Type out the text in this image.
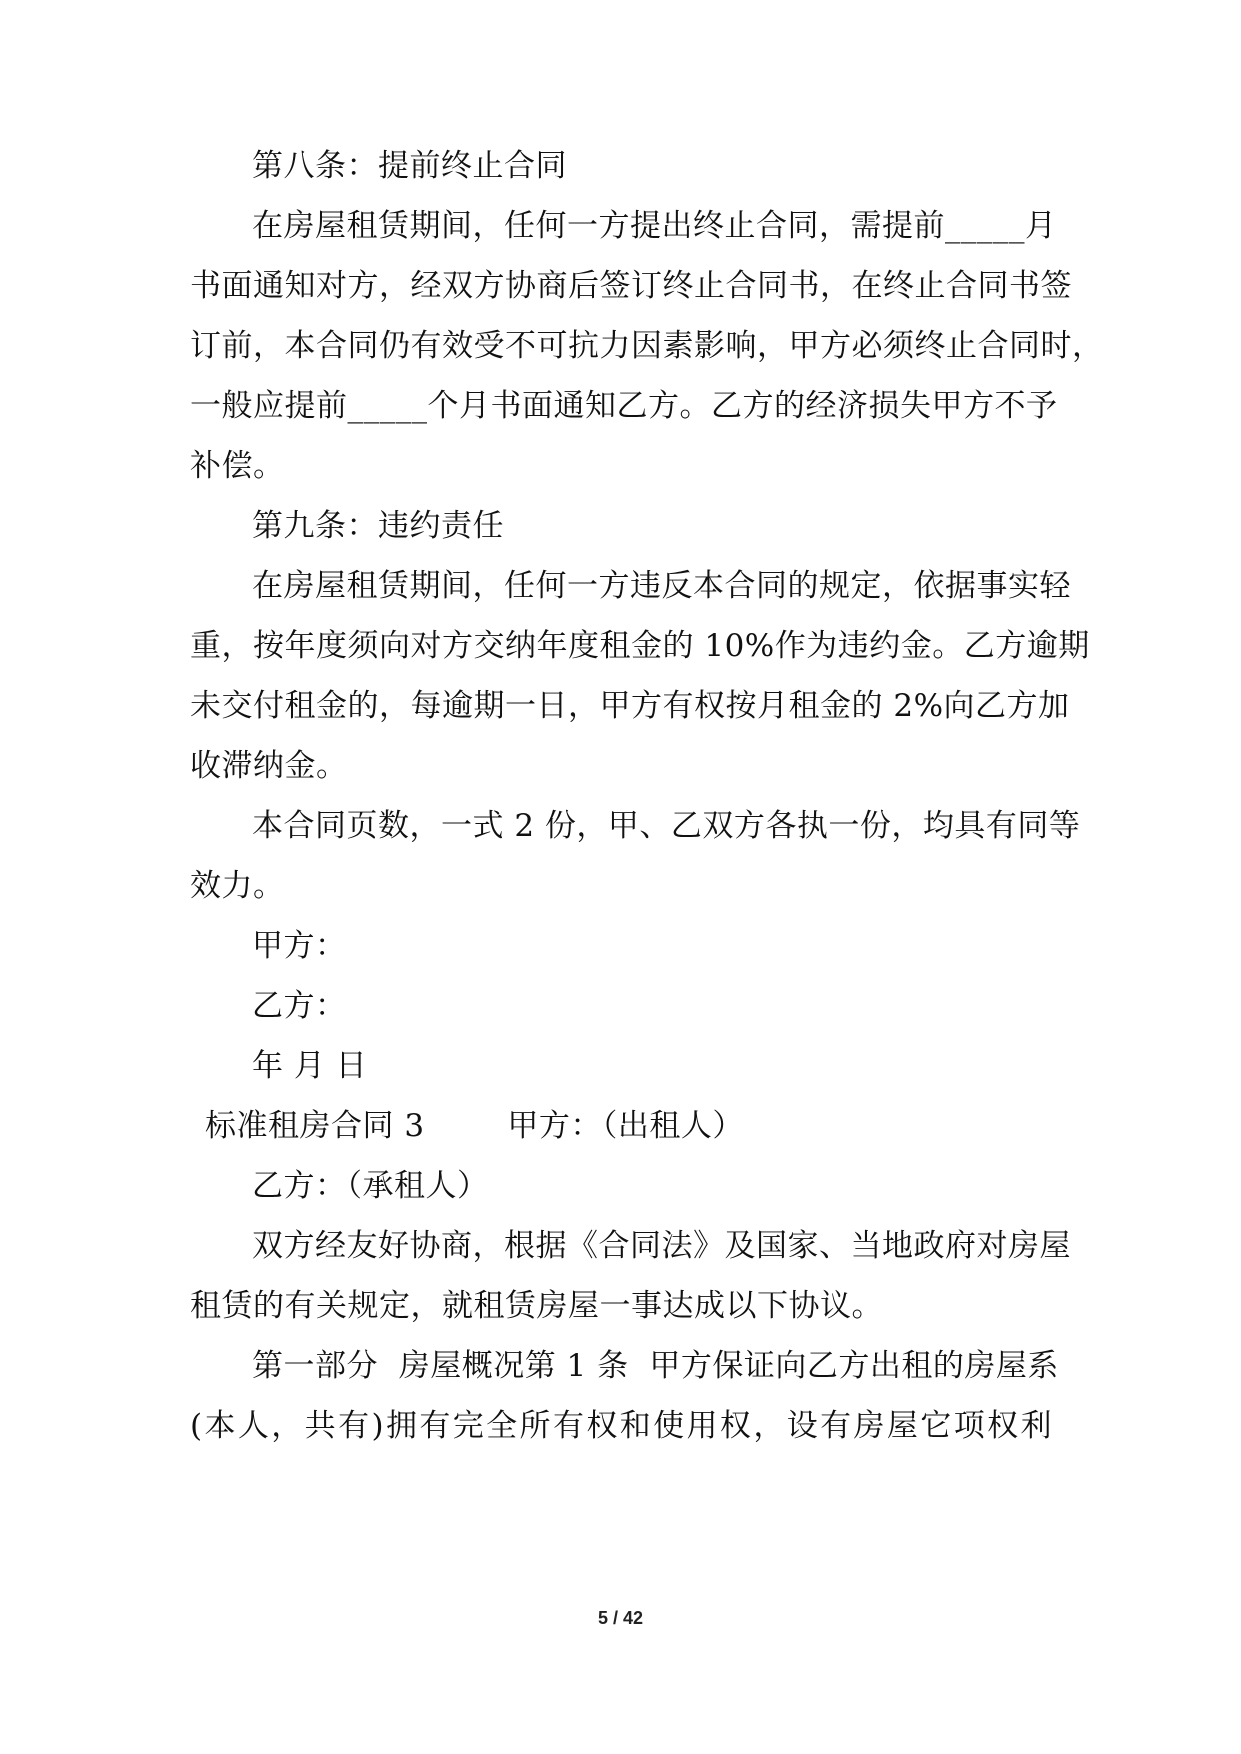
第八条：提前终止合同
在房屋租赁期间，任何一方提出终止合同，需提前_____月
书面通知对方，经双方协商后签订终止合同书，在终止合同书签
订前，本合同仍有效受不可抗力因素影响，甲方必须终止合同时，
一般应提前_____个月书面通知乙方。乙方的经济损失甲方不予
补偿。
第九条：违约责任
在房屋租赁期间，任何一方违反本合同的规定，依据事实轻
重，按年度须向对方交纳年度租金的 10%作为违约金。乙方逾期
未交付租金的，每逾期一日，甲方有权按月租金的 2%向乙方加
收滞纳金。
本合同页数，一式 2 份，甲、乙双方各执一份，均具有同等
效力。
甲方：
乙方：
年 月 日
标准租房合同 3        甲方：（出租人）
乙方：（承租人）
双方经友好协商，根据《合同法》及国家、当地政府对房屋
租赁的有关规定，就租赁房屋一事达成以下协议。
第一部分  房屋概况第 1 条  甲方保证向乙方出租的房屋系
(本人，共有)拥有完全所有权和使用权，设有房屋它项权利
5 / 42
